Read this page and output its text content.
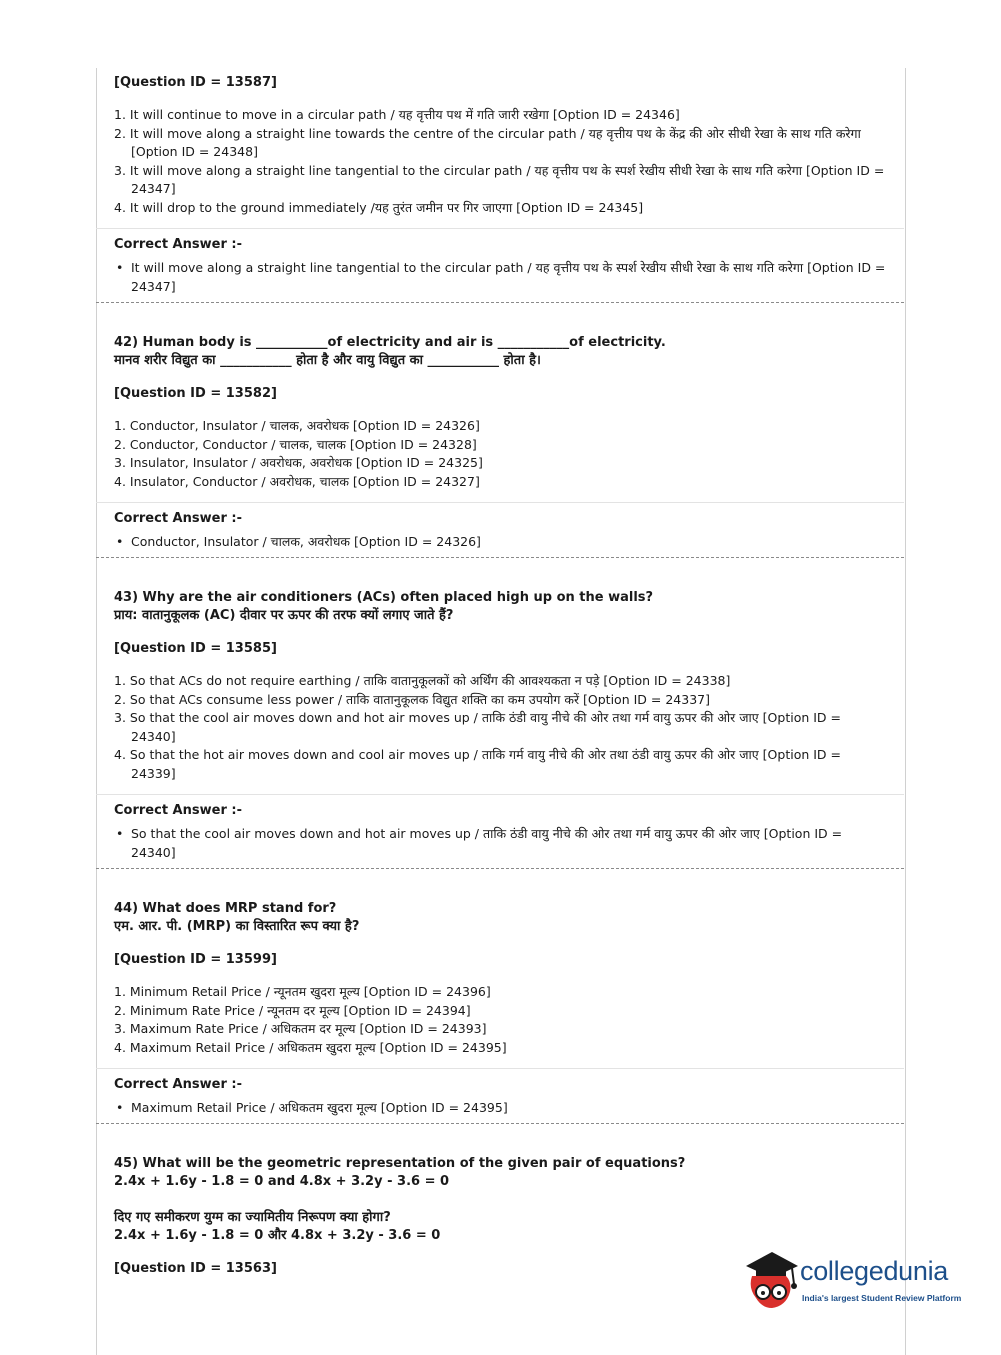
[Question ID = 13587]
1. It will continue to move in a circular path / यह वृत्तीय पथ में गति जारी रखेगा [Option ID = 24346]
2. It will move along a straight line towards the centre of the circular path / यह वृत्तीय पथ के केंद्र की ओर सीधी रेखा के साथ गति करेगा [Option ID = 24348]
3. It will move along a straight line tangential to the circular path / यह वृत्तीय पथ के स्पर्श रेखीय सीधी रेखा के साथ गति करेगा [Option ID = 24347]
4. It will drop to the ground immediately /यह तुरंत जमीन पर गिर जाएगा [Option ID = 24345]
Correct Answer :-
• It will move along a straight line tangential to the circular path / यह वृत्तीय पथ के स्पर्श रेखीय सीधी रेखा के साथ गति करेगा [Option ID = 24347]
42) Human body is ___________of electricity and air is ___________of electricity.
मानव शरीर विद्युत का ___________ होता है और वायु विद्युत का ___________ होता है।
[Question ID = 13582]
1. Conductor, Insulator / चालक, अवरोधक [Option ID = 24326]
2. Conductor, Conductor / चालक, चालक [Option ID = 24328]
3. Insulator, Insulator / अवरोधक, अवरोधक [Option ID = 24325]
4. Insulator, Conductor / अवरोधक, चालक [Option ID = 24327]
Correct Answer :-
• Conductor, Insulator / चालक, अवरोधक [Option ID = 24326]
43) Why are the air conditioners (ACs) often placed high up on the walls?
प्राय: वातानुकूलक (AC) दीवार पर ऊपर की तरफ क्यों लगाए जाते हैं?
[Question ID = 13585]
1. So that ACs do not require earthing / ताकि वातानुकूलकों को अर्थिंग की आवश्यकता न पड़े [Option ID = 24338]
2. So that ACs consume less power / ताकि वातानुकूलक विद्युत शक्ति का कम उपयोग करें [Option ID = 24337]
3. So that the cool air moves down and hot air moves up / ताकि ठंडी वायु नीचे की ओर तथा गर्म वायु ऊपर की ओर जाए [Option ID = 24340]
4. So that the hot air moves down and cool air moves up / ताकि गर्म वायु नीचे की ओर तथा ठंडी वायु ऊपर की ओर जाए [Option ID = 24339]
Correct Answer :-
• So that the cool air moves down and hot air moves up / ताकि ठंडी वायु नीचे की ओर तथा गर्म वायु ऊपर की ओर जाए [Option ID = 24340]
44) What does MRP stand for?
एम. आर. पी. (MRP) का विस्तारित रूप क्या है?
[Question ID = 13599]
1. Minimum Retail Price / न्यूनतम खुदरा मूल्य [Option ID = 24396]
2. Minimum Rate Price / न्यूनतम दर मूल्य [Option ID = 24394]
3. Maximum Rate Price / अधिकतम दर मूल्य [Option ID = 24393]
4. Maximum Retail Price / अधिकतम खुदरा मूल्य [Option ID = 24395]
Correct Answer :-
• Maximum Retail Price / अधिकतम खुदरा मूल्य [Option ID = 24395]
45) What will be the geometric representation of the given pair of equations?
2.4x + 1.6y - 1.8 = 0 and 4.8x + 3.2y - 3.6 = 0
दिए गए समीकरण युग्म का ज्यामितीय निरूपण क्या होगा?
2.4x + 1.6y - 1.8 = 0 और 4.8x + 3.2y - 3.6 = 0
[Question ID = 13563]	collegedunia
India's largest Student Review Platform
